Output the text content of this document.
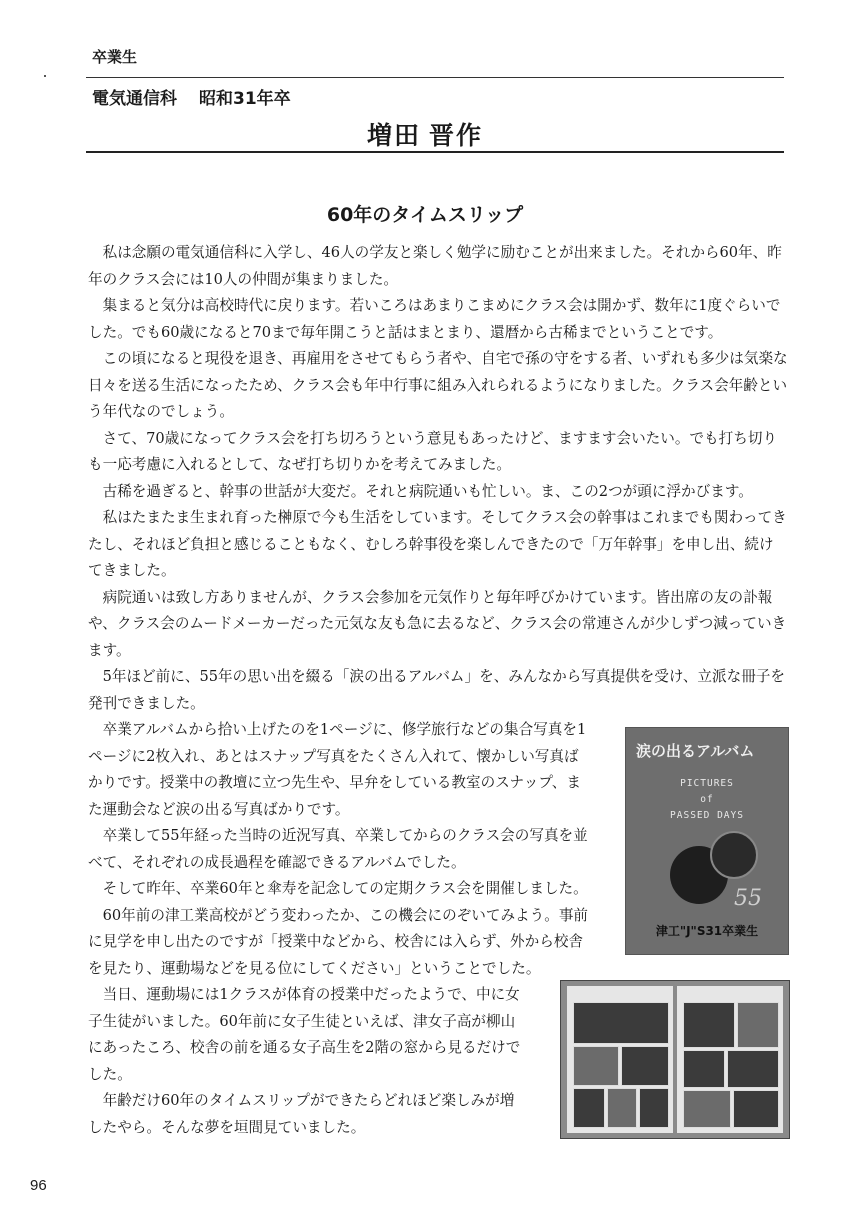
卒業生
電気通信科 昭和31年卒
増田 晋作
60年のタイムスリップ

私は念願の電気通信科に入学し、46人の学友と楽しく勉学に励むことが出来ました。それから60年、昨年のクラス会には10人の仲間が集まりました。

集まると気分は高校時代に戻ります。若いころはあまりこまめにクラス会は開かず、数年に1度ぐらいでした。でも60歳になると70まで毎年開こうと話はまとまり、還暦から古稀までということです。

この頃になると現役を退き、再雇用をさせてもらう者や、自宅で孫の守をする者、いずれも多少は気楽な日々を送る生活になったため、クラス会も年中行事に組み入れられるようになりました。クラス会年齢という年代なのでしょう。

さて、70歳になってクラス会を打ち切ろうという意見もあったけど、ますます会いたい。でも打ち切りも一応考慮に入れるとして、なぜ打ち切りかを考えてみました。

古稀を過ぎると、幹事の世話が大変だ。それと病院通いも忙しい。ま、この2つが頭に浮かびます。

私はたまたま生まれ育った榊原で今も生活をしています。そしてクラス会の幹事はこれまでも関わってきたし、それほど負担と感じることもなく、むしろ幹事役を楽しんできたので「万年幹事」を申し出、続けてきました。

病院通いは致し方ありませんが、クラス会参加を元気作りと毎年呼びかけています。皆出席の友の訃報や、クラス会のムードメーカーだった元気な友も急に去るなど、クラス会の常連さんが少しずつ減っていきます。

5年ほど前に、55年の思い出を綴る「涙の出るアルバム」を、みんなから写真提供を受け、立派な冊子を発刊できました。

卒業アルバムから拾い上げたのを1ページに、修学旅行などの集合写真を1ページに2枚入れ、あとはスナップ写真をたくさん入れて、懐かしい写真ばかりです。授業中の教壇に立つ先生や、早弁をしている教室のスナップ、また運動会など涙の出る写真ばかりです。

卒業して55年経った当時の近況写真、卒業してからのクラス会の写真を並べて、それぞれの成長過程を確認できるアルバムでした。

そして昨年、卒業60年と傘寿を記念しての定期クラス会を開催しました。

60年前の津工業高校がどう変わったか、この機会にのぞいてみよう。事前に見学を申し出たのですが「授業中などから、校舎には入らず、外から校舎を見たり、運動場などを見る位にしてください」ということでした。

当日、運動場には1クラスが体育の授業中だったようで、中に女子生徒がいました。60年前に女子生徒といえば、津女子高が柳山にあったころ、校舎の前を通る女子高生を2階の窓から見るだけでした。

年齢だけ60年のタイムスリップができたらどれほど楽しみが増したやら。そんな夢を垣間見ていました。

涙の出るアルバム
PICTURES
of
PASSED DAYS
55
津工"J"S31卒業生
96
